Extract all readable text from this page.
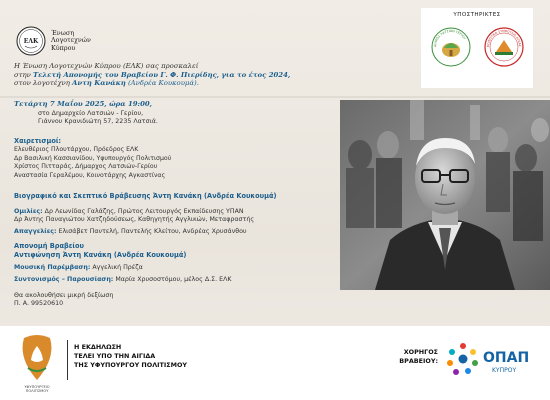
ΕΛΚ
Ένωση
Λογοτεχνών
Κύπρου
ΥΠΟΣΤΗΡΙΚΤΕΣ
ΔΗΜΟΣ ΛΑΤΣΙΩΝ ΓΕΡΙΟΥ
ΚΟΙΝΟΤΙΚΟ ΣΥΜΒΟΥΛΙΟ ΑΓΚΑΣ
Η Ένωση Λογοτεχνών Κύπρου (ΕΛΚ) σας προσκαλεί
στην Τελετή Απονομής του Βραβείου Γ. Φ. Πιερίδης, για το έτος 2024,
στον λογοτέχνη Αντη Κανάκη (Ανδρέα Κουκουμά).
Τετάρτη 7 Μαΐου 2025, ώρα 19:00,
στο Δημαρχείο Λατσιών - Γερίου,
Γιάννου Κρανιδιώτη 57, 2235 Λατσιά.
Χαιρετισμοί:
Ελευθέριος Πλουτάρχου, Πρόεδρος ΕΛΚ
Δρ Βασιλική Κασσιανίδου, Υφυπουργός Πολιτισμού
Χρίστος Πιτταράς, Δήμαρχος Λατσιών-Γερίου
Αναστασία Γεραλέμου, Κοινοτάρχης Αγκαστίνας
Βιογραφικό και Σκεπτικό Βράβευσης Άντη Κανάκη (Ανδρέα Κουκουμά)
Ομιλίες: Δρ Λεωνίδας Γαλάζης, Πρώτος Λειτουργός Εκπαίδευσης ΥΠΑΝ
Δρ Άντης Παναγιώτου Χατζηδούσεως, Καθηγητής Αγγλικών, Μεταφραστής
Απαγγελίες: Ελισάβετ Παντελή, Παντελής Κλείτου, Ανδρέας Χρυσάνθου
Απονομή Βραβείου
Αντιφώνηση Άντη Κανάκη (Ανδρέα Κουκουμά)
Μουσική Παρέμβαση: Αγγελική Πρέζα
Συντονισμός – Παρουσίαση: Μαρία Χρυσοστόμου, μέλος Δ.Σ. ΕΛΚ
Θα ακολουθήσει μικρή δεξίωση
Π. Α. 99520610
ΥΦΥΠΟΥΡΓΕΙΟ ΠΟΛΙΤΙΣΜΟΥ
Η ΕΚΔΗΛΩΣΗ
ΤΕΛΕΙ ΥΠΟ ΤΗΝ ΑΙΓΙΔΑ
ΤΗΣ ΥΦΥΠΟΥΡΓΟΥ ΠΟΛΙΤΙΣΜΟΥ
ΧΟΡΗΓΟΣ
ΒΡΑΒΕΙΟΥ:	ΟΠΑΠ
ΚΥΠΡΟΥ
